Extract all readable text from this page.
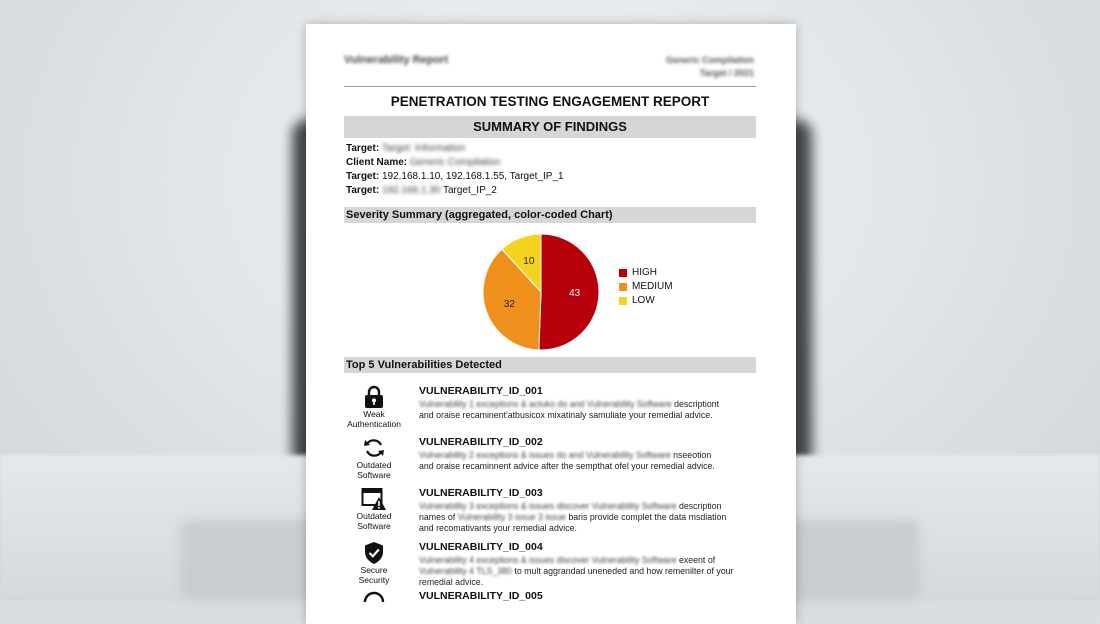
Vulnerability Report	Generic Compilation
Target / 2021
PENETRATION TESTING ENGAGEMENT REPORT
SUMMARY OF FINDINGS
Target: Target: Information
Client Name: Generic Compilation
Target: 192.168.1.10, 192.168.1.55, Target_IP_1
Target: 192.168.1.30 Target_IP_2
Severity Summary (aggregated, color-coded Chart)
43
32
10
HIGH
MEDIUM
LOW
Top 5 Vulnerabilities Detected
Weak
Authentication
VULNERABILITY_ID_001
Vulnerability 1 exceptions & actuko do and Vulnerability Software descriptiont
and oraise recaminent'atbusicox mixatinaly samuliate your remedial advice.
Outdated
Software
VULNERABILITY_ID_002
Vulnerability 2 exceptions & issues do and Vulnerability Software nseeotion
and oraise recaminnent advice after the sempthat ofel your remedial advice.
Outdated
Software
VULNERABILITY_ID_003
Vulnerability 3 exceptions & issues discover Vulnerability Software description
names of Vulnerability 3 issue 3 issue baris provide complet the data msdiation
and recomativants your remedial advice.
Secure
Security
VULNERABILITY_ID_004
Vulnerability 4 exceptions & issues discover Vulnerability Software exeent of
Vulnerability 4 TLS_380 to mult aggrandad uneneded and how remenilter of your
remedial advice.
VULNERABILITY_ID_005
